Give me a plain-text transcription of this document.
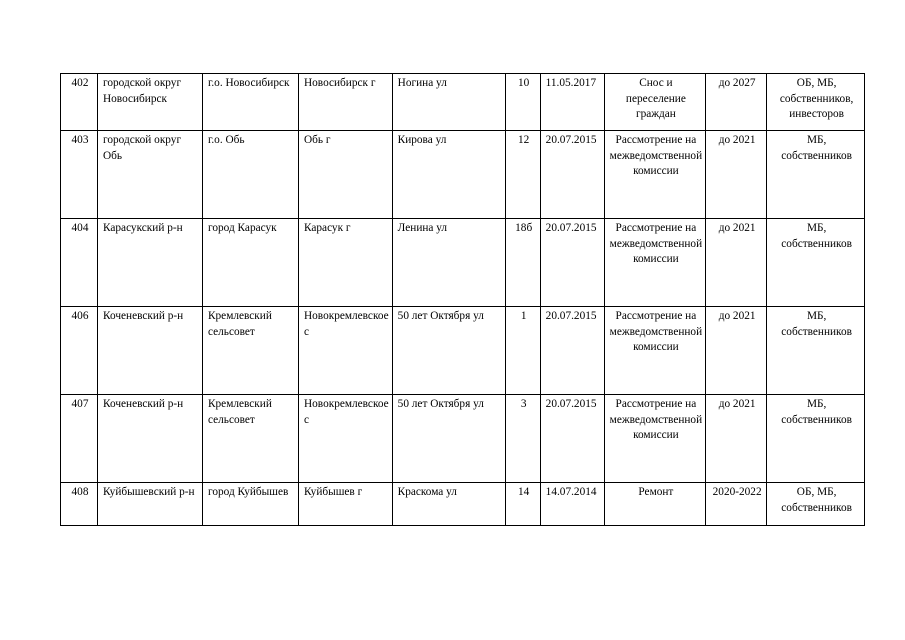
402	городской округ Новосибирск	г.о. Новосибирск	Новосибирск г	Ногина ул	10	11.05.2017	Снос и переселение граждан	до 2027	ОБ, МБ, собственников, инвесторов
403	городской округ Обь	г.о. Обь	Обь г	Кирова ул	12	20.07.2015	Рассмотрение на межведомственной комиссии	до 2021	МБ, собственников
404	Карасукский р-н	город Карасук	Карасук г	Ленина ул	18б	20.07.2015	Рассмотрение на межведомственной комиссии	до 2021	МБ, собственников
406	Коченевский р-н	Кремлевский сельсовет	Новокремлевское с	50 лет Октября ул	1	20.07.2015	Рассмотрение на межведомственной комиссии	до 2021	МБ, собственников
407	Коченевский р-н	Кремлевский сельсовет	Новокремлевское с	50 лет Октября ул	3	20.07.2015	Рассмотрение на межведомственной комиссии	до 2021	МБ, собственников
408	Куйбышевский р-н	город Куйбышев	Куйбышев г	Краскома ул	14	14.07.2014	Ремонт	2020-2022	ОБ, МБ, собственников
